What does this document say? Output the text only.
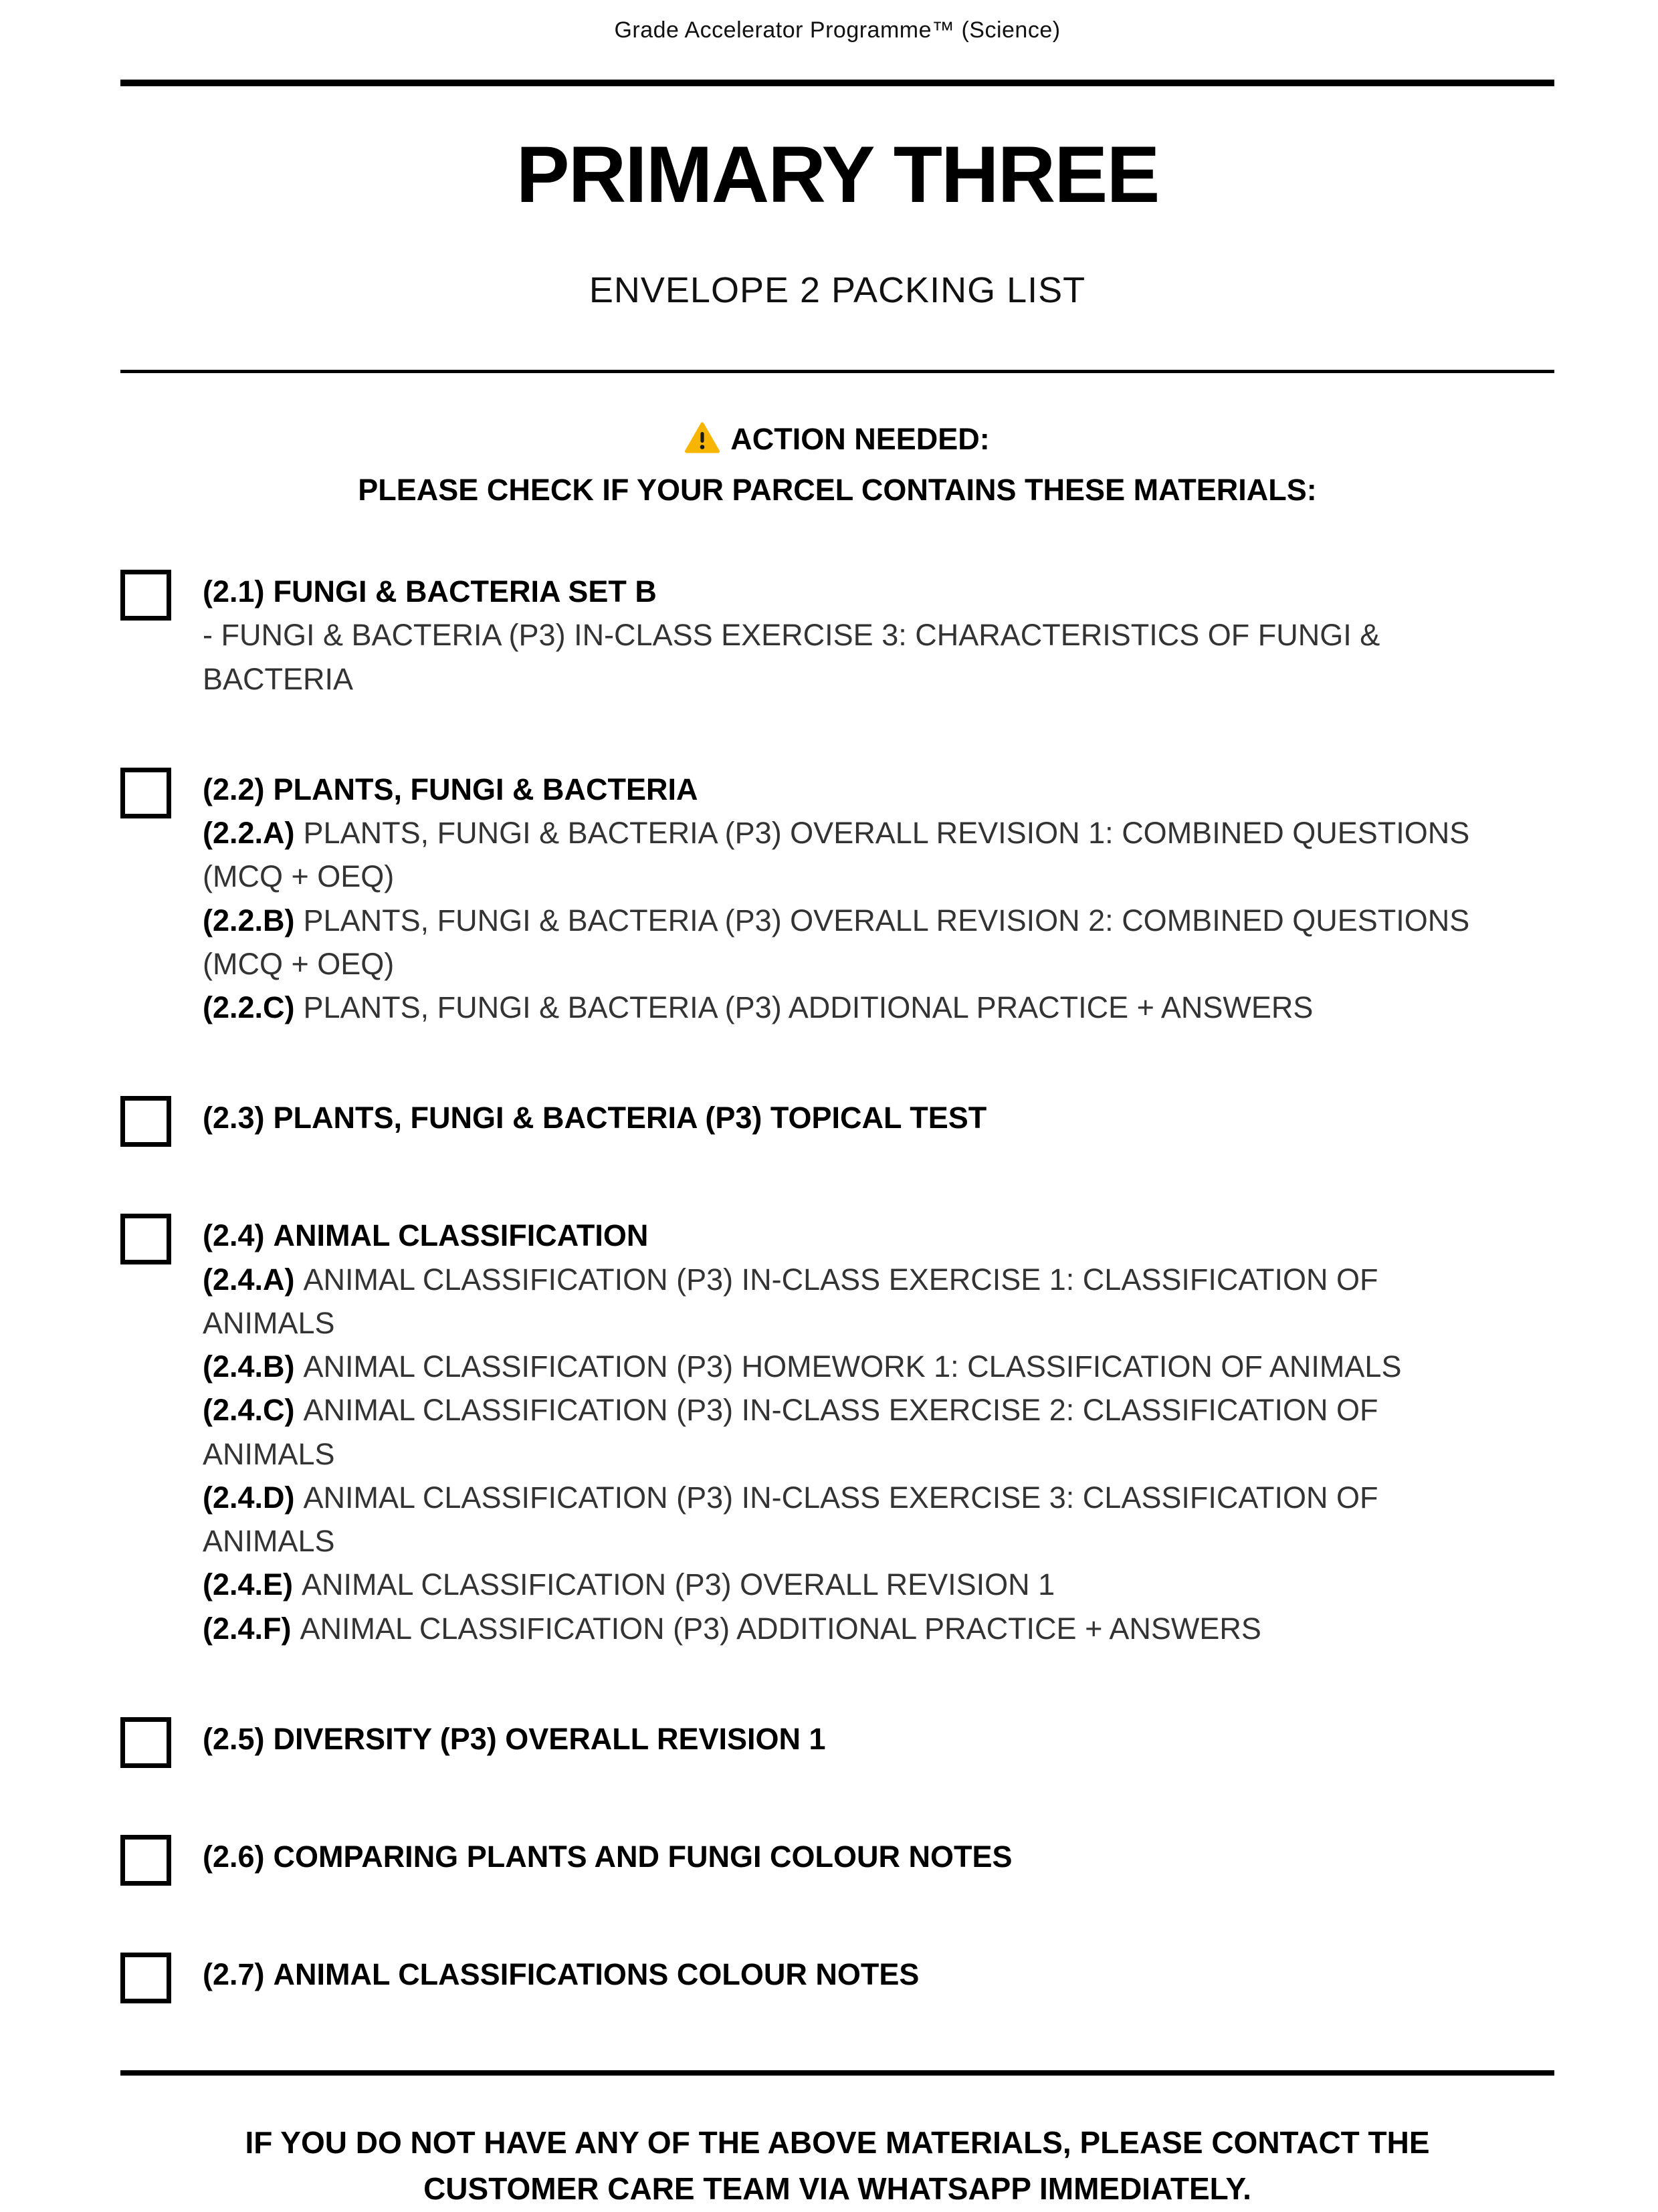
Grade Accelerator Programme™ (Science)
PRIMARY THREE
ENVELOPE 2 PACKING LIST
ACTION NEEDED:
PLEASE CHECK IF YOUR PARCEL CONTAINS THESE MATERIALS:
(2.1) FUNGI & BACTERIA SET B
- FUNGI & BACTERIA (P3) IN-CLASS EXERCISE 3: CHARACTERISTICS OF FUNGI & BACTERIA
(2.2) PLANTS, FUNGI & BACTERIA
(2.2.A) PLANTS, FUNGI & BACTERIA (P3) OVERALL REVISION 1: COMBINED QUESTIONS (MCQ + OEQ)
(2.2.B) PLANTS, FUNGI & BACTERIA (P3) OVERALL REVISION 2: COMBINED QUESTIONS (MCQ + OEQ)
(2.2.C) PLANTS, FUNGI & BACTERIA (P3) ADDITIONAL PRACTICE + ANSWERS
(2.3) PLANTS, FUNGI & BACTERIA (P3) TOPICAL TEST
(2.4) ANIMAL CLASSIFICATION
(2.4.A) ANIMAL CLASSIFICATION (P3) IN-CLASS EXERCISE 1: CLASSIFICATION OF ANIMALS
(2.4.B) ANIMAL CLASSIFICATION (P3) HOMEWORK 1: CLASSIFICATION OF ANIMALS
(2.4.C) ANIMAL CLASSIFICATION (P3) IN-CLASS EXERCISE 2: CLASSIFICATION OF ANIMALS
(2.4.D) ANIMAL CLASSIFICATION (P3) IN-CLASS EXERCISE 3: CLASSIFICATION OF ANIMALS
(2.4.E) ANIMAL CLASSIFICATION (P3) OVERALL REVISION 1
(2.4.F) ANIMAL CLASSIFICATION (P3) ADDITIONAL PRACTICE + ANSWERS
(2.5) DIVERSITY (P3) OVERALL REVISION 1
(2.6) COMPARING PLANTS AND FUNGI COLOUR NOTES
(2.7) ANIMAL CLASSIFICATIONS COLOUR NOTES
IF YOU DO NOT HAVE ANY OF THE ABOVE MATERIALS, PLEASE CONTACT THE CUSTOMER CARE TEAM VIA WHATSAPP IMMEDIATELY.
